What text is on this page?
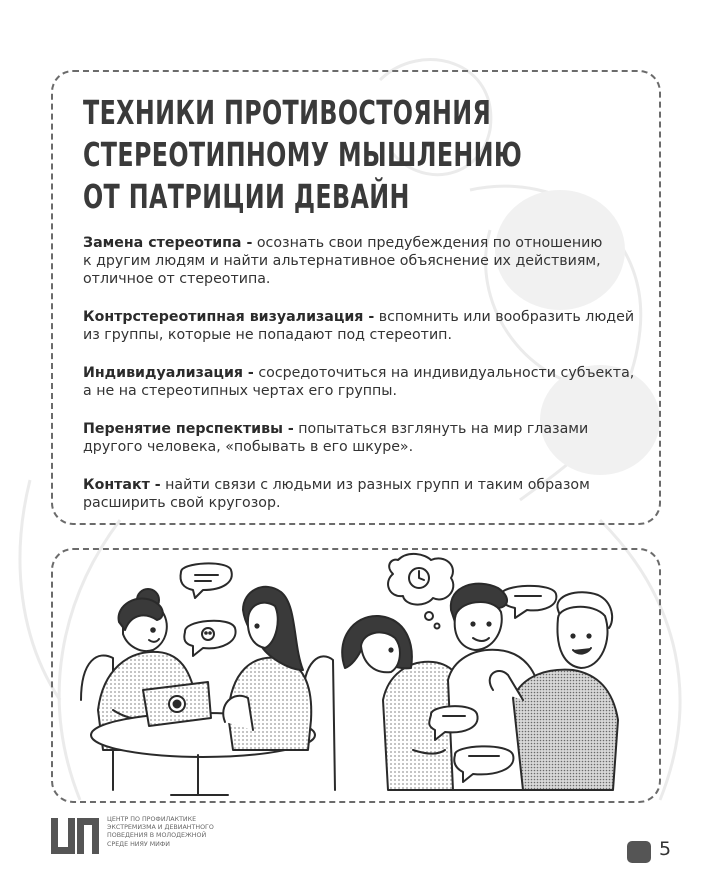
ТЕХНИКИ ПРОТИВОСТОЯНИЯ
СТЕРЕОТИПНОМУ МЫШЛЕНИЮ
ОТ ПАТРИЦИИ ДЕВАЙН

Замена стереотипа - осознать свои предубеждения по отношению
к другим людям и найти альтернативное объяснение их действиям,
отличное от стереотипа.

Контрстереотипная визуализация - вспомнить или вообразить людей
из группы, которые не попадают под стереотип.

Индивидуализация - сосредоточиться на индивидуальности субъекта,
а не на стереотипных чертах его группы.

Перенятие перспективы - попытаться взглянуть на мир глазами
другого человека, «побывать в его шкуре».

Контакт - найти связи с людьми из разных групп и таким образом
расширить свой кругозор.

ЦЕНТР ПО ПРОФИЛАКТИКЕ
ЭКСТРЕМИЗМА И ДЕВИАНТНОГО
ПОВЕДЕНИЯ В МОЛОДЕЖНОЙ
СРЕДЕ НИЯУ МИФИ	5
